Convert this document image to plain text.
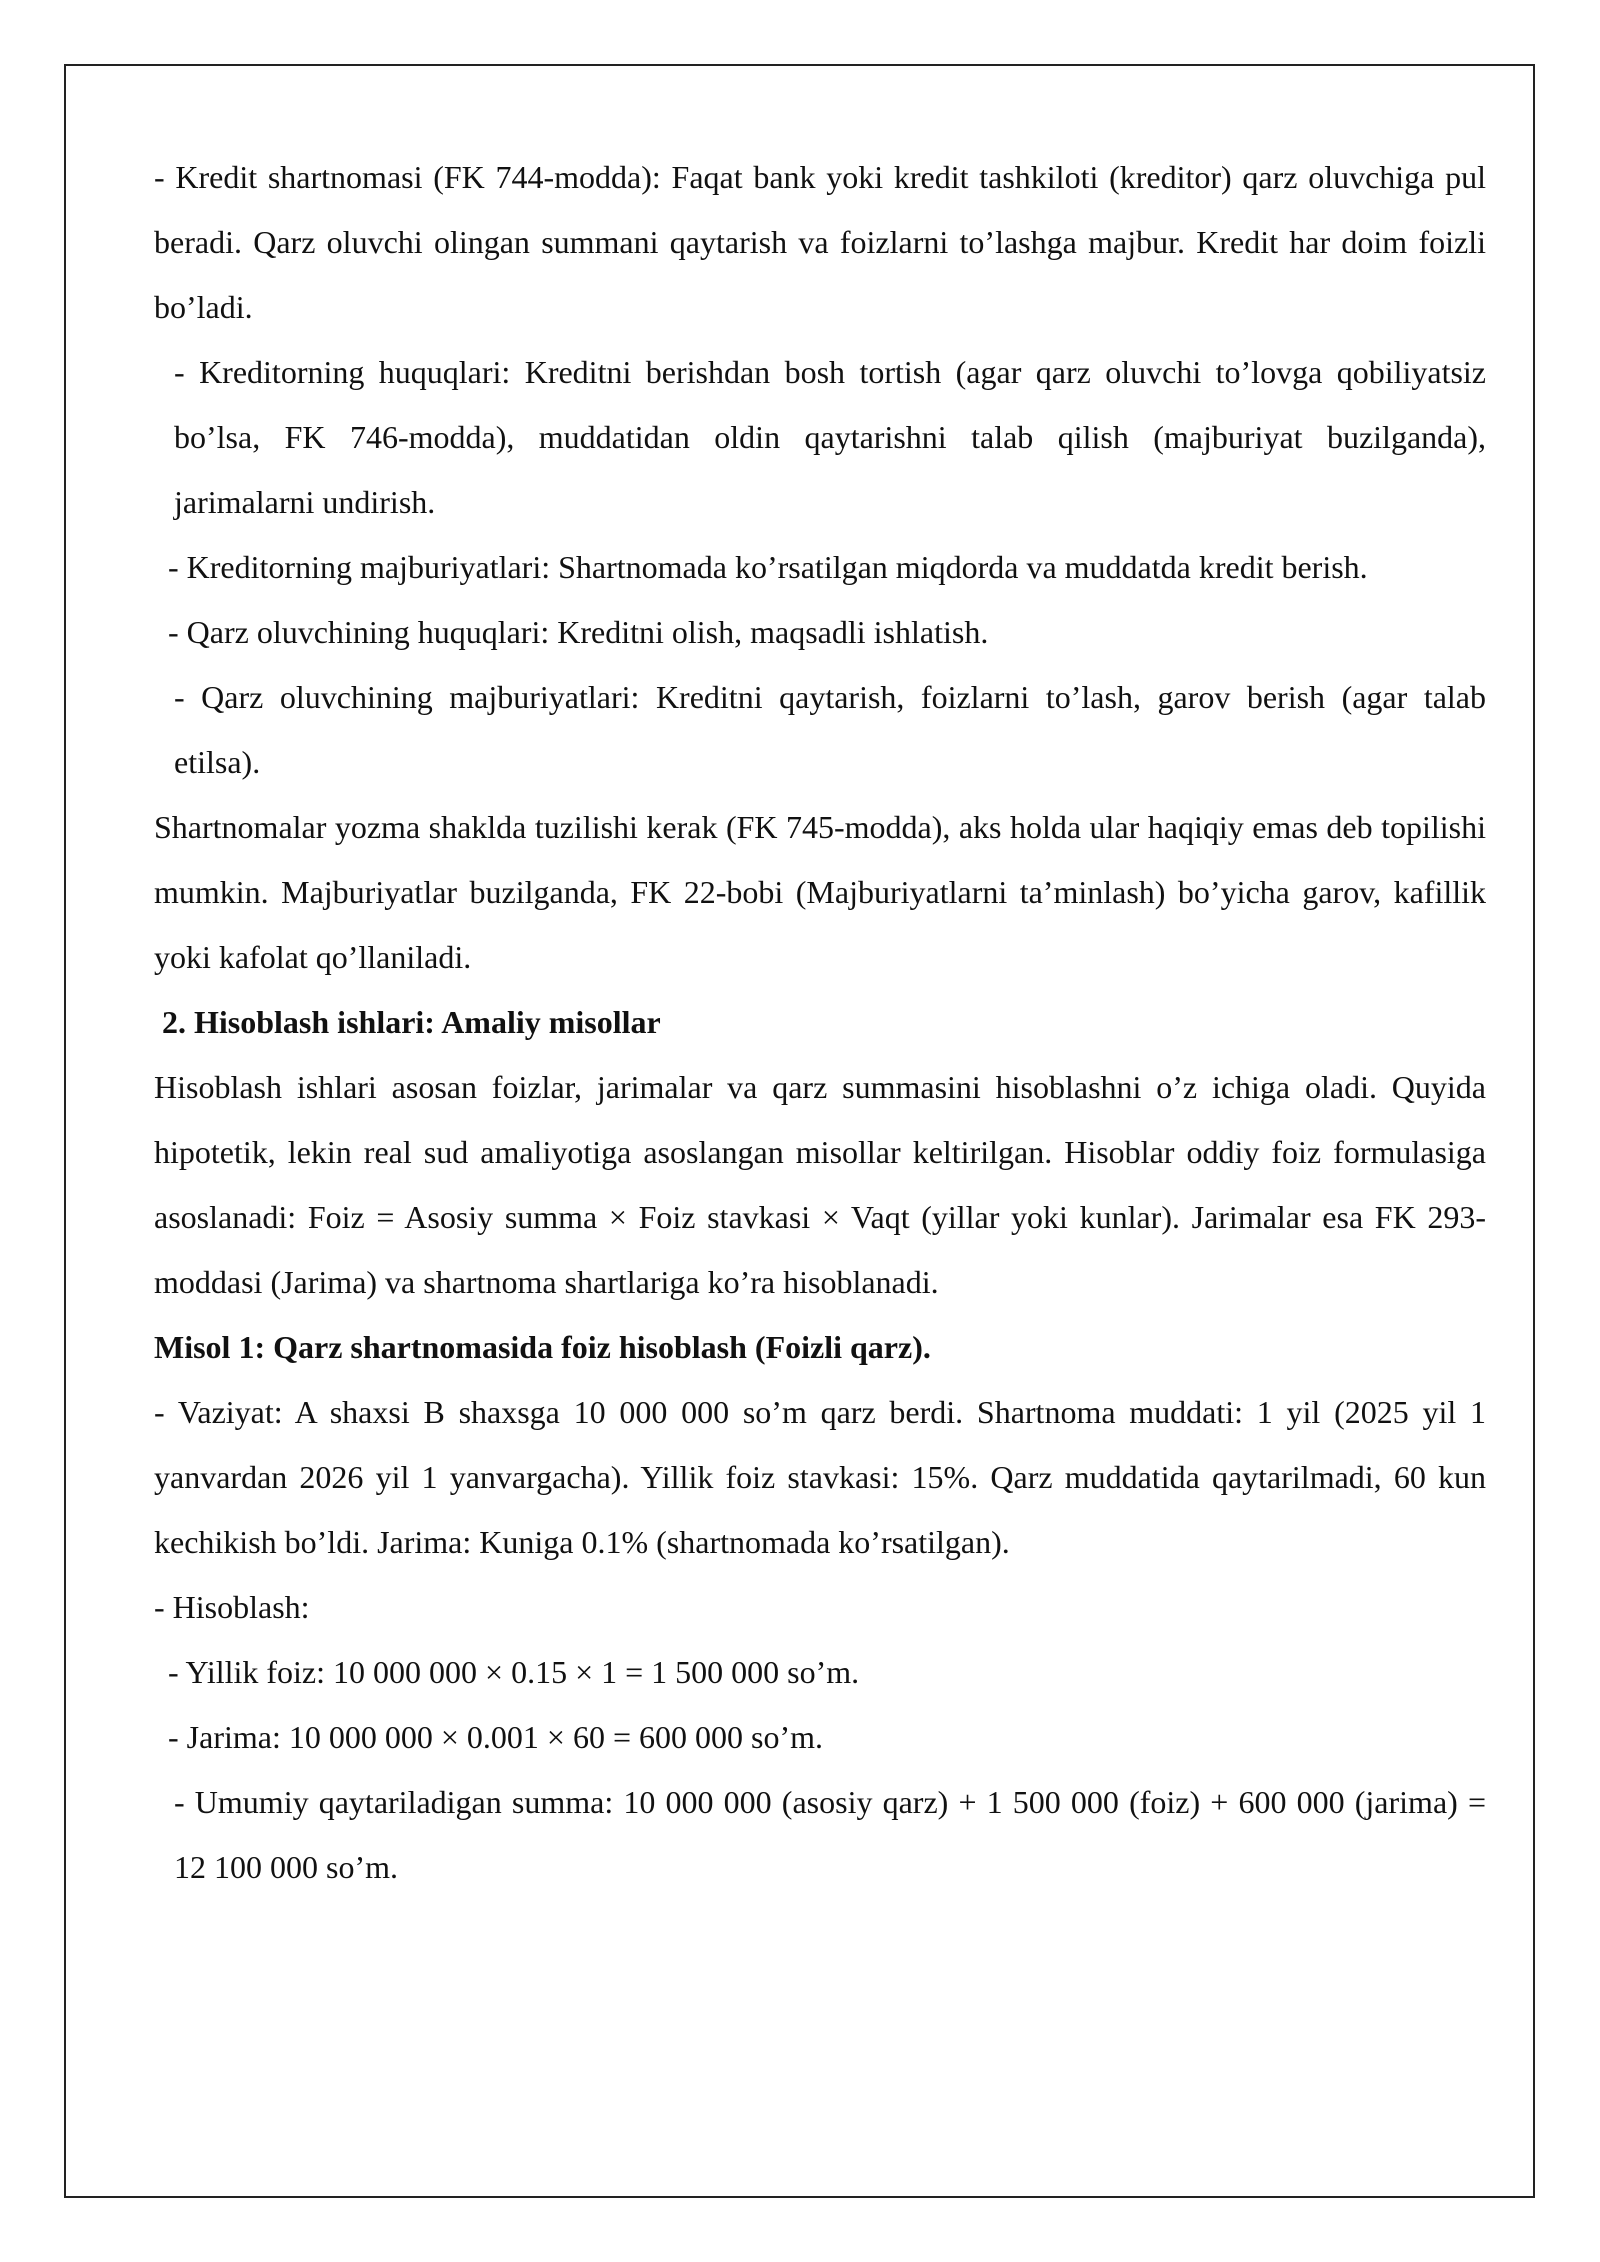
- Kredit shartnomasi (FK 744-modda): Faqat bank yoki kredit tashkiloti (kreditor) qarz oluvchiga pul beradi. Qarz oluvchi olingan summani qaytarish va foizlarni to’lashga majbur. Kredit har doim foizli bo’ladi.

- Kreditorning huquqlari: Kreditni berishdan bosh tortish (agar qarz oluvchi to’lovga qobiliyatsiz bo’lsa, FK 746-modda), muddatidan oldin qaytarishni talab qilish (majburiyat buzilganda), jarimalarni undirish.

- Kreditorning majburiyatlari: Shartnomada ko’rsatilgan miqdorda va muddatda kredit berish.

- Qarz oluvchining huquqlari: Kreditni olish, maqsadli ishlatish.

- Qarz oluvchining majburiyatlari: Kreditni qaytarish, foizlarni to’lash, garov berish (agar talab etilsa).

Shartnomalar yozma shaklda tuzilishi kerak (FK 745-modda), aks holda ular haqiqiy emas deb topilishi mumkin. Majburiyatlar buzilganda, FK 22-bobi (Majburiyatlarni ta’minlash) bo’yicha garov, kafillik yoki kafolat qo’llaniladi.

2. Hisoblash ishlari: Amaliy misollar

Hisoblash ishlari asosan foizlar, jarimalar va qarz summasini hisoblashni o’z ichiga oladi. Quyida hipotetik, lekin real sud amaliyotiga asoslangan misollar keltirilgan. Hisoblar oddiy foiz formulasiga asoslanadi: Foiz = Asosiy summa × Foiz stavkasi × Vaqt (yillar yoki kunlar). Jarimalar esa FK 293-moddasi (Jarima) va shartnoma shartlariga ko’ra hisoblanadi.

Misol 1: Qarz shartnomasida foiz hisoblash (Foizli qarz).

- Vaziyat: A shaxsi B shaxsga 10 000 000 so’m qarz berdi. Shartnoma muddati: 1 yil (2025 yil 1 yanvardan 2026 yil 1 yanvargacha). Yillik foiz stavkasi: 15%. Qarz muddatida qaytarilmadi, 60 kun kechikish bo’ldi. Jarima: Kuniga 0.1% (shartnomada ko’rsatilgan).

- Hisoblash:

- Yillik foiz: 10 000 000 × 0.15 × 1 = 1 500 000 so’m.

- Jarima: 10 000 000 × 0.001 × 60 = 600 000 so’m.

- Umumiy qaytariladigan summa: 10 000 000 (asosiy qarz) + 1 500 000 (foiz) + 600 000 (jarima) = 12 100 000 so’m.
